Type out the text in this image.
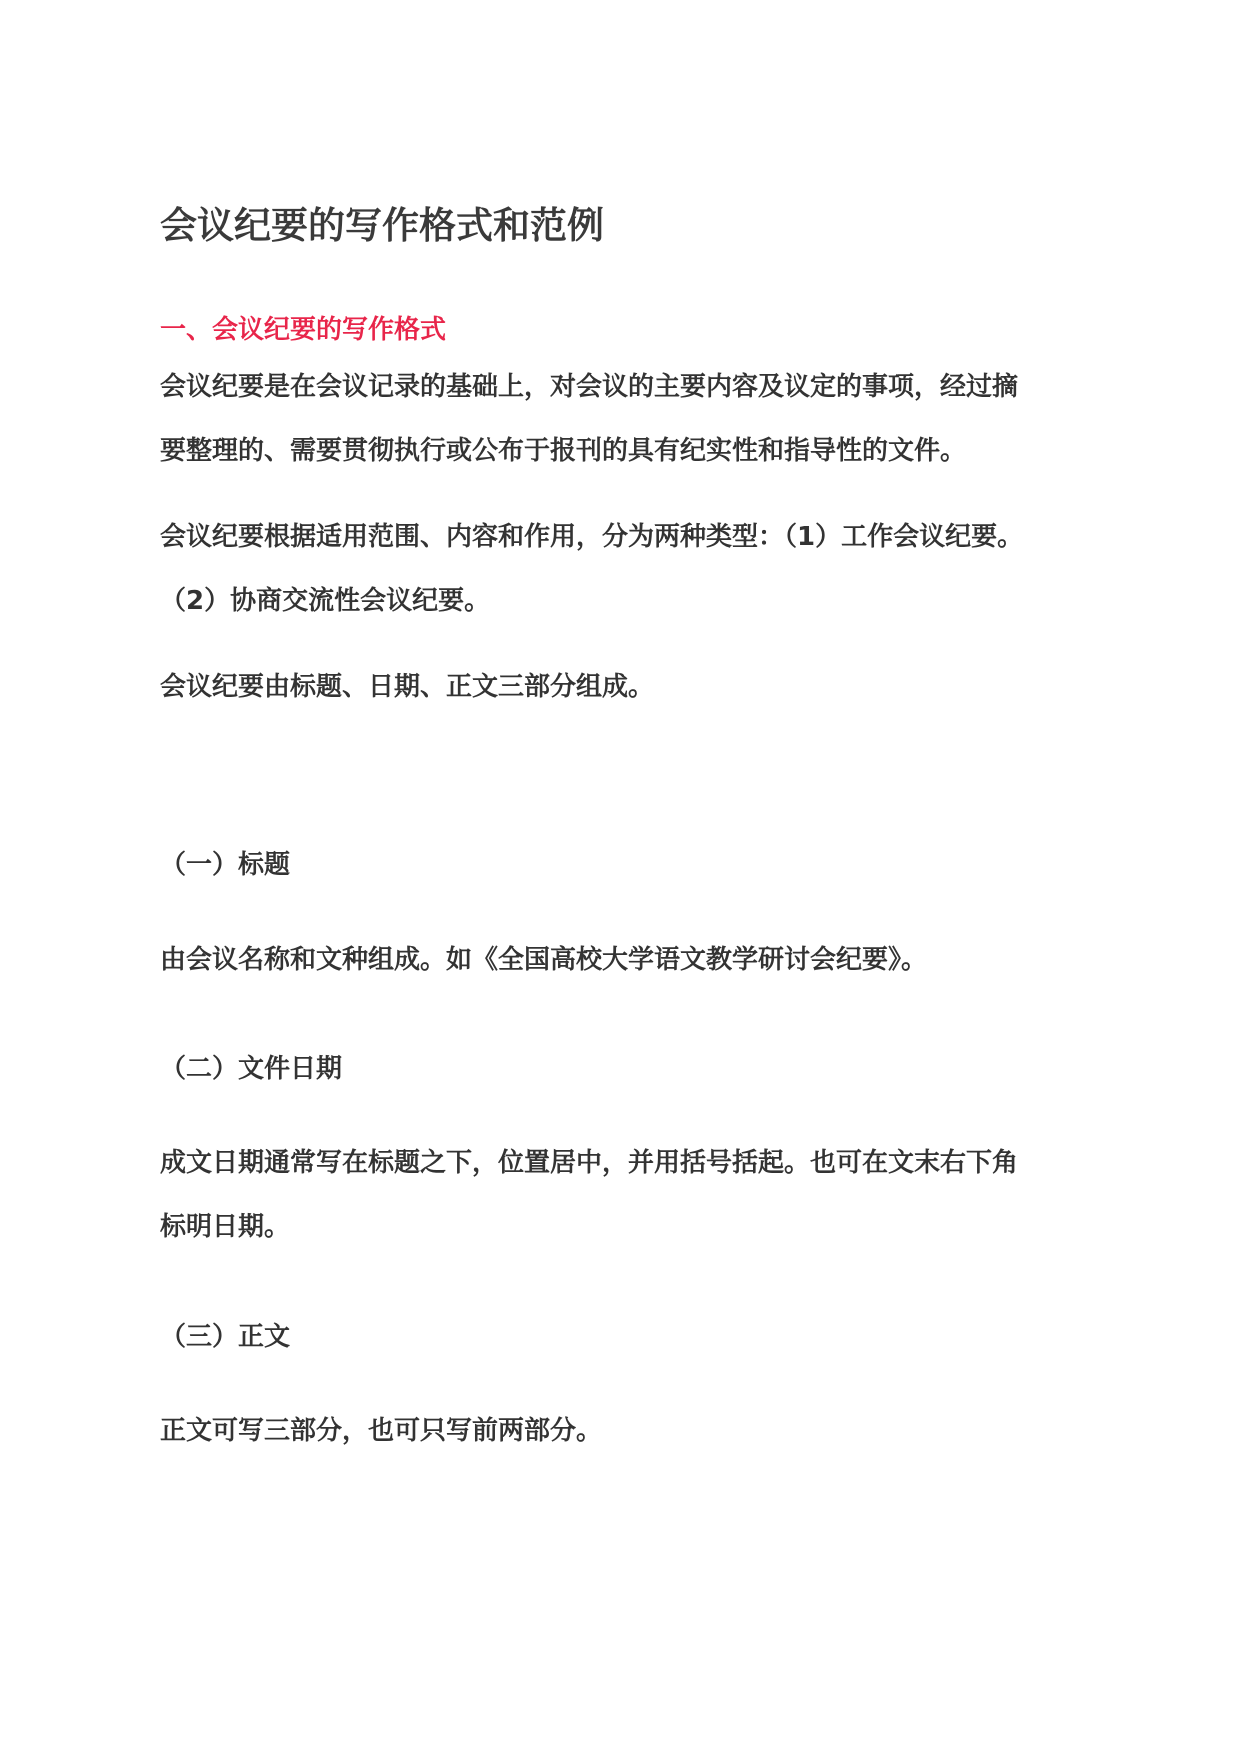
会议纪要的写作格式和范例
一、会议纪要的写作格式

会议纪要是在会议记录的基础上，对会议的主要内容及议定的事项，经过摘
要整理的、需要贯彻执行或公布于报刊的具有纪实性和指导性的文件。

会议纪要根据适用范围、内容和作用，分为两种类型：（1）工作会议纪要。
（2）协商交流性会议纪要。

会议纪要由标题、日期、正文三部分组成。

（一）标题

由会议名称和文种组成。如《全国高校大学语文教学研讨会纪要》。

（二）文件日期

成文日期通常写在标题之下，位置居中，并用括号括起。也可在文末右下角
标明日期。

（三）正文

正文可写三部分，也可只写前两部分。
